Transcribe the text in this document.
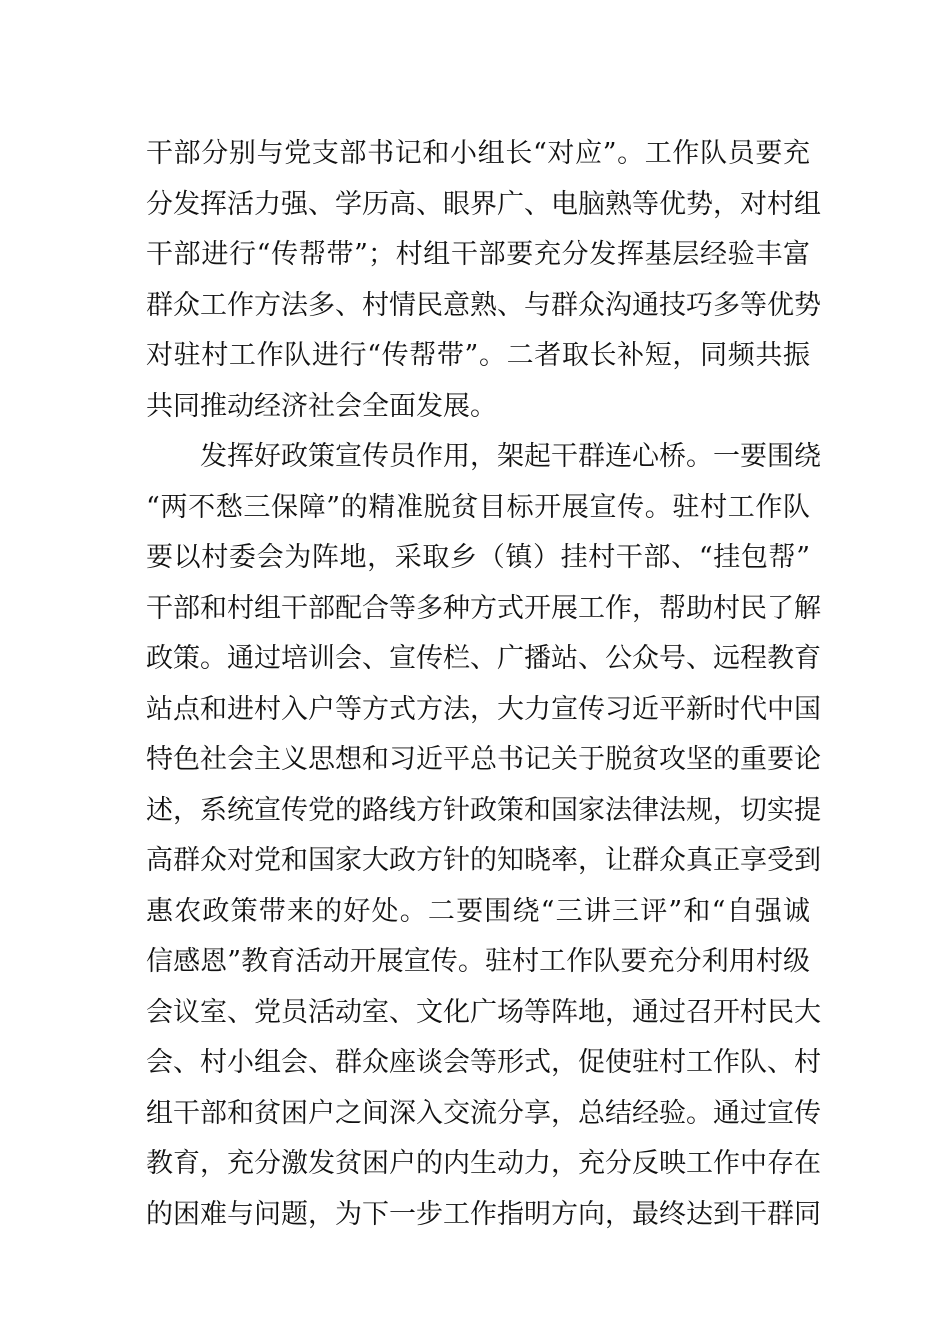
干部分别与党支部书记和小组长“对应”。工作队员要充
分发挥活力强、学历高、眼界广、电脑熟等优势，对村组
干部进行“传帮带”；村组干部要充分发挥基层经验丰富
群众工作方法多、村情民意熟、与群众沟通技巧多等优势
对驻村工作队进行“传帮带”。二者取长补短，同频共振
共同推动经济社会全面发展。
发挥好政策宣传员作用，架起干群连心桥。一要围绕
“两不愁三保障”的精准脱贫目标开展宣传。驻村工作队
要以村委会为阵地，采取乡（镇）挂村干部、“挂包帮”
干部和村组干部配合等多种方式开展工作，帮助村民了解
政策。通过培训会、宣传栏、广播站、公众号、远程教育
站点和进村入户等方式方法，大力宣传习近平新时代中国
特色社会主义思想和习近平总书记关于脱贫攻坚的重要论
述，系统宣传党的路线方针政策和国家法律法规，切实提
高群众对党和国家大政方针的知晓率，让群众真正享受到
惠农政策带来的好处。二要围绕“三讲三评”和“自强诚
信感恩”教育活动开展宣传。驻村工作队要充分利用村级
会议室、党员活动室、文化广场等阵地，通过召开村民大
会、村小组会、群众座谈会等形式，促使驻村工作队、村
组干部和贫困户之间深入交流分享，总结经验。通过宣传
教育，充分激发贫困户的内生动力，充分反映工作中存在
的困难与问题，为下一步工作指明方向，最终达到干群同
